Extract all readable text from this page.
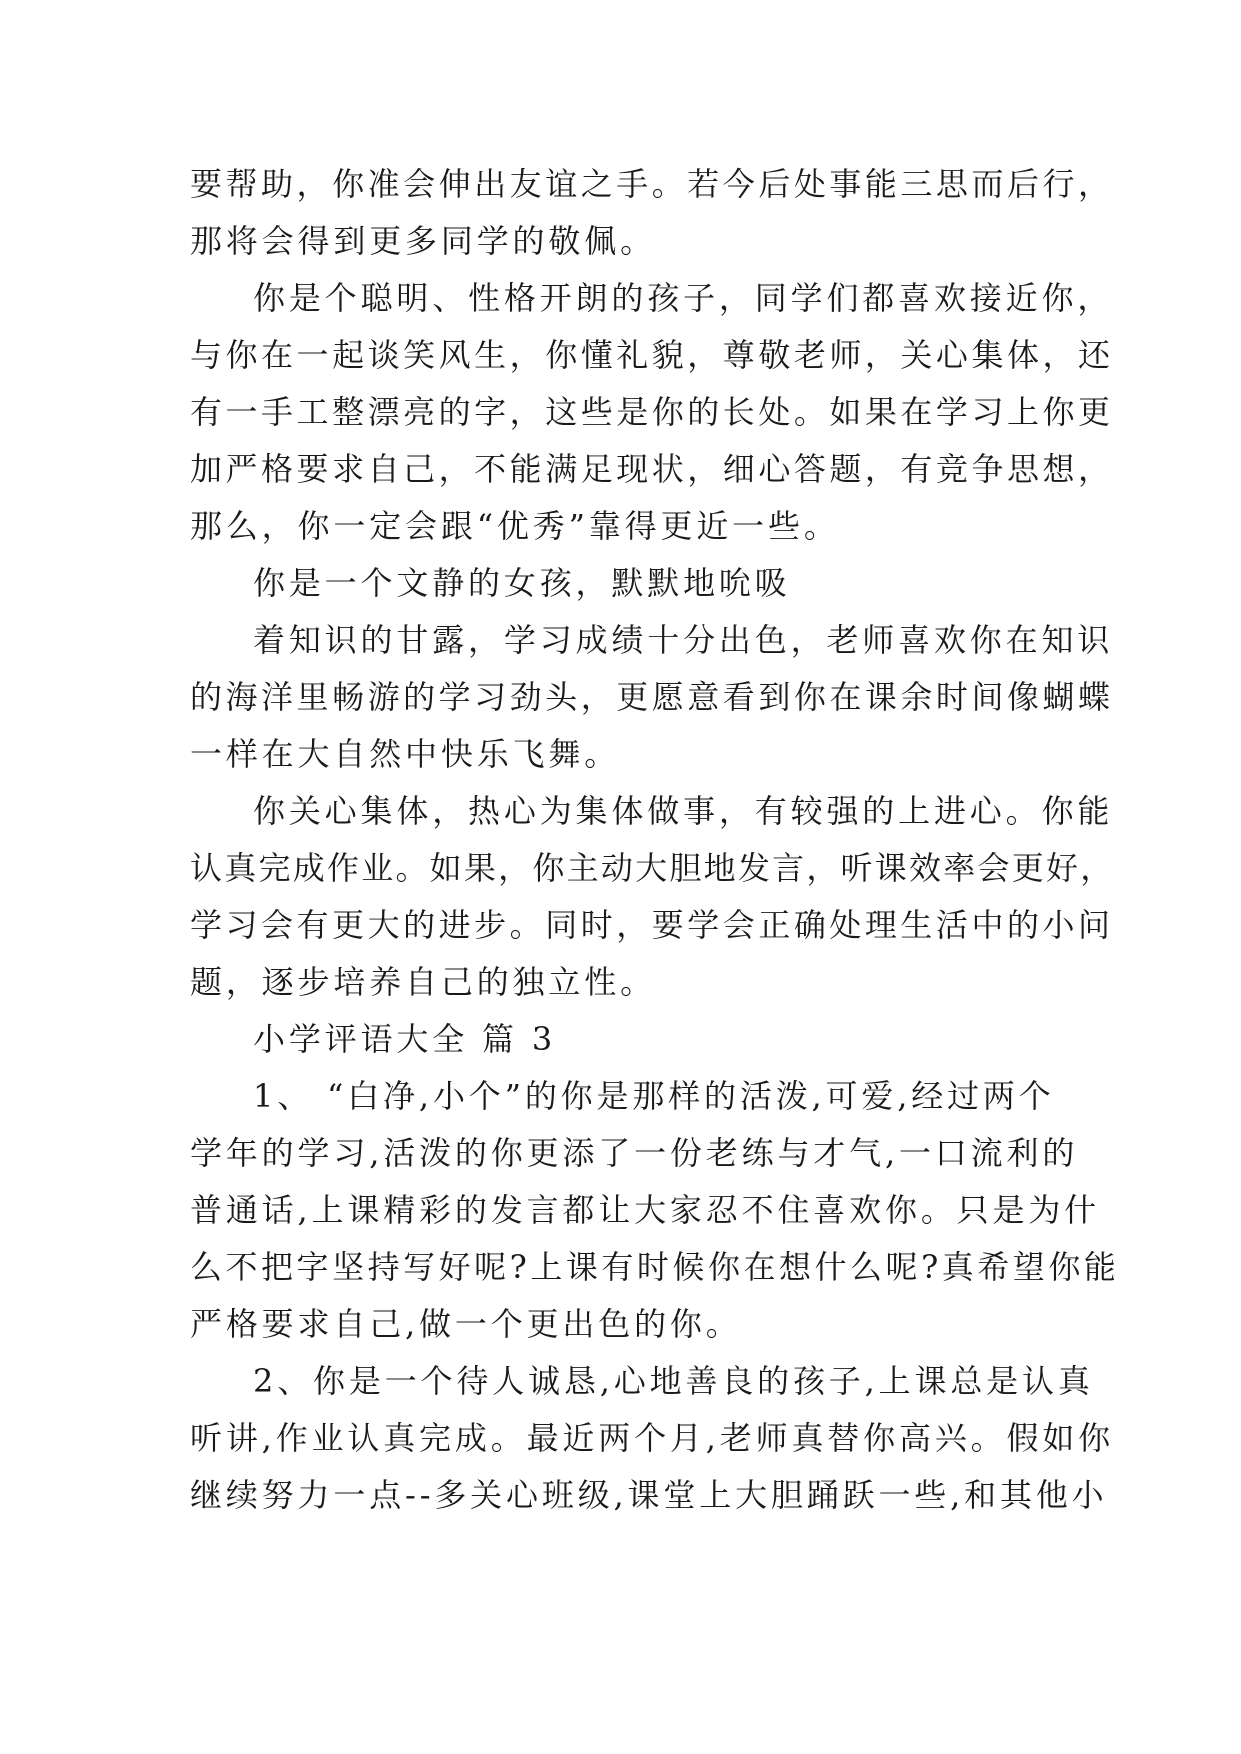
要帮助，你准会伸出友谊之手。若今后处事能三思而后行，
那将会得到更多同学的敬佩。
你是个聪明、性格开朗的孩子，同学们都喜欢接近你，
与你在一起谈笑风生，你懂礼貌，尊敬老师，关心集体，还
有一手工整漂亮的字，这些是你的长处。如果在学习上你更
加严格要求自己，不能满足现状，细心答题，有竞争思想，
那么，你一定会跟“优秀”靠得更近一些。
你是一个文静的女孩，默默地吮吸
着知识的甘露，学习成绩十分出色，老师喜欢你在知识
的海洋里畅游的学习劲头，更愿意看到你在课余时间像蝴蝶
一样在大自然中快乐飞舞。
你关心集体，热心为集体做事，有较强的上进心。你能
认真完成作业。如果，你主动大胆地发言，听课效率会更好，
学习会有更大的进步。同时，要学会正确处理生活中的小问
题，逐步培养自己的独立性。
小学评语大全 篇 3
1、 “白净,小个”的你是那样的活泼,可爱,经过两个
学年的学习,活泼的你更添了一份老练与才气,一口流利的
普通话,上课精彩的发言都让大家忍不住喜欢你。只是为什
么不把字坚持写好呢?上课有时候你在想什么呢?真希望你能
严格要求自己,做一个更出色的你。
2、你是一个待人诚恳,心地善良的孩子,上课总是认真
听讲,作业认真完成。最近两个月,老师真替你高兴。假如你
继续努力一点--多关心班级,课堂上大胆踊跃一些,和其他小
